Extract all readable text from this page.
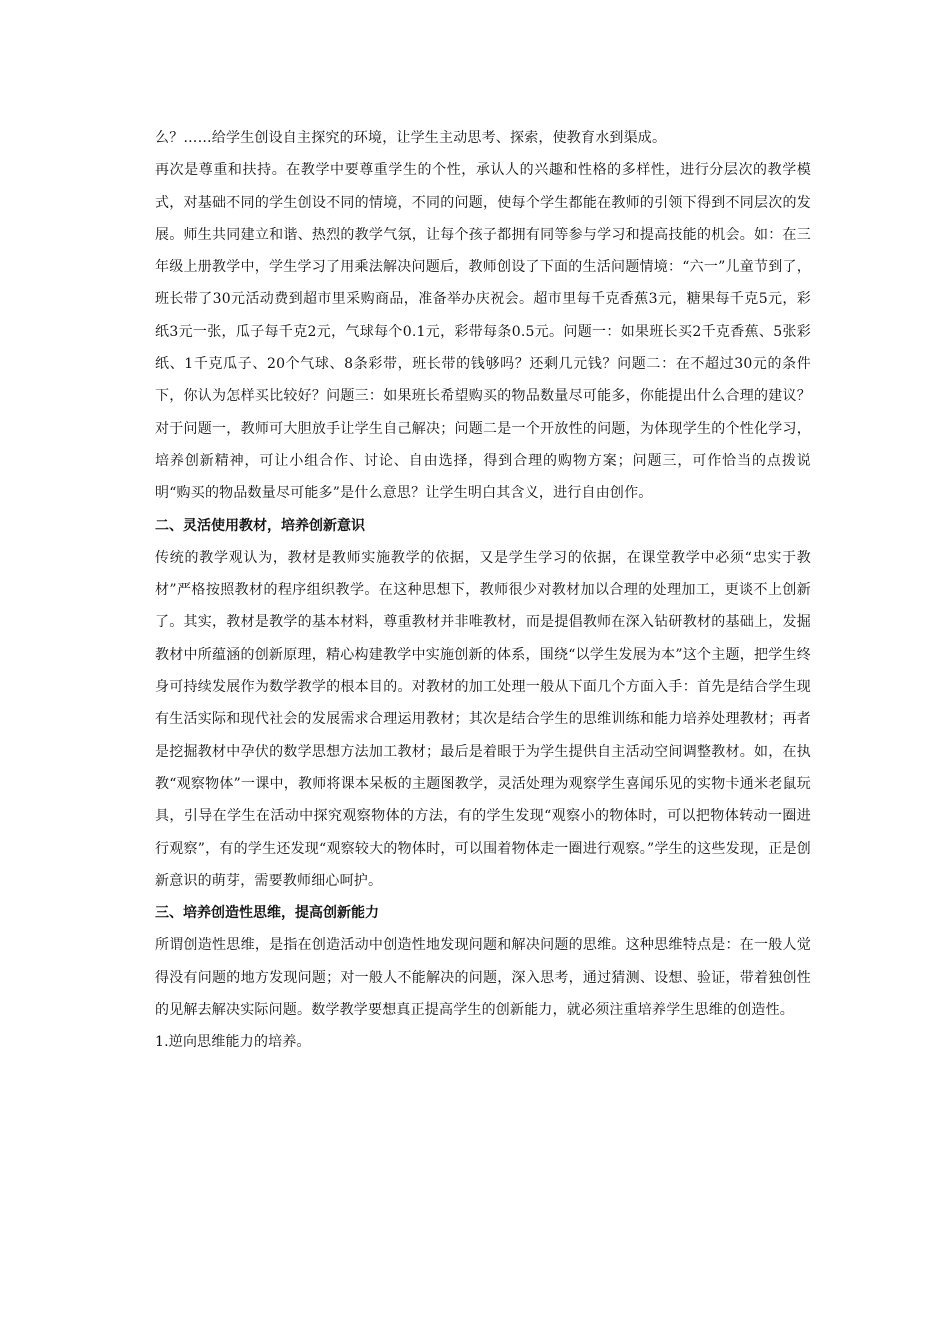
么？……给学生创设自主探究的环境，让学生主动思考、探索，使教育水到渠成。

再次是尊重和扶持。在教学中要尊重学生的个性，承认人的兴趣和性格的多样性，进行分层次的教学模式，对基础不同的学生创设不同的情境，不同的问题，使每个学生都能在教师的引领下得到不同层次的发展。师生共同建立和谐、热烈的教学气氛，让每个孩子都拥有同等参与学习和提高技能的机会。如：在三年级上册教学中，学生学习了用乘法解决问题后，教师创设了下面的生活问题情境：“六一”儿童节到了，班长带了30元活动费到超市里采购商品，准备举办庆祝会。超市里每千克香蕉3元，糖果每千克5元，彩纸3元一张，瓜子每千克2元，气球每个0.1元，彩带每条0.5元。问题一：如果班长买2千克香蕉、5张彩纸、1千克瓜子、20个气球、8条彩带，班长带的钱够吗？还剩几元钱？问题二：在不超过30元的条件下，你认为怎样买比较好？问题三：如果班长希望购买的物品数量尽可能多，你能提出什么合理的建议？对于问题一，教师可大胆放手让学生自己解决；问题二是一个开放性的问题，为体现学生的个性化学习，培养创新精神，可让小组合作、讨论、自由选择，得到合理的购物方案；问题三，可作恰当的点拨说明“购买的物品数量尽可能多”是什么意思？让学生明白其含义，进行自由创作。

二、灵活使用教材，培养创新意识

传统的教学观认为，教材是教师实施教学的依据，又是学生学习的依据，在课堂教学中必须“忠实于教材”严格按照教材的程序组织教学。在这种思想下，教师很少对教材加以合理的处理加工，更谈不上创新了。其实，教材是教学的基本材料，尊重教材并非唯教材，而是提倡教师在深入钻研教材的基础上，发掘教材中所蕴涵的创新原理，精心构建教学中实施创新的体系，围绕“以学生发展为本”这个主题，把学生终身可持续发展作为数学教学的根本目的。对教材的加工处理一般从下面几个方面入手：首先是结合学生现有生活实际和现代社会的发展需求合理运用教材；其次是结合学生的思维训练和能力培养处理教材；再者是挖掘教材中孕伏的数学思想方法加工教材；最后是着眼于为学生提供自主活动空间调整教材。如，在执教“观察物体”一课中，教师将课本呆板的主题图教学，灵活处理为观察学生喜闻乐见的实物卡通米老鼠玩具，引导在学生在活动中探究观察物体的方法，有的学生发现“观察小的物体时，可以把物体转动一圈进行观察”，有的学生还发现“观察较大的物体时，可以围着物体走一圈进行观察。”学生的这些发现，正是创新意识的萌芽，需要教师细心呵护。

三、培养创造性思维，提高创新能力

所谓创造性思维，是指在创造活动中创造性地发现问题和解决问题的思维。这种思维特点是：在一般人觉得没有问题的地方发现问题；对一般人不能解决的问题，深入思考，通过猜测、设想、验证，带着独创性的见解去解决实际问题。数学教学要想真正提高学生的创新能力，就必须注重培养学生思维的创造性。

1.逆向思维能力的培养。
